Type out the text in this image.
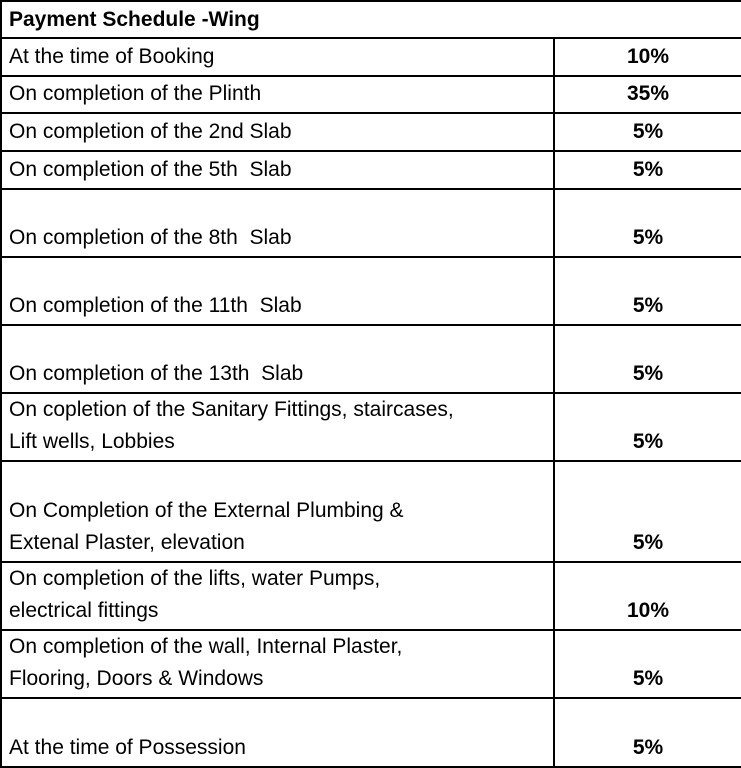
Payment Schedule -Wing	
At the time of Booking	10%
On completion of the Plinth	35%
On completion of the 2nd Slab	5%
On completion of the 5th  Slab	5%
On completion of the 8th  Slab	5%
On completion of the 11th  Slab	5%
On completion of the 13th  Slab	5%
On copletion of the Sanitary Fittings, staircases,
Lift wells, Lobbies	5%
On Completion of the External Plumbing &
Extenal Plaster, elevation	5%
On completion of the lifts, water Pumps,
electrical fittings	10%
On completion of the wall, Internal Plaster,
Flooring, Doors & Windows	5%
At the time of Possession	5%
